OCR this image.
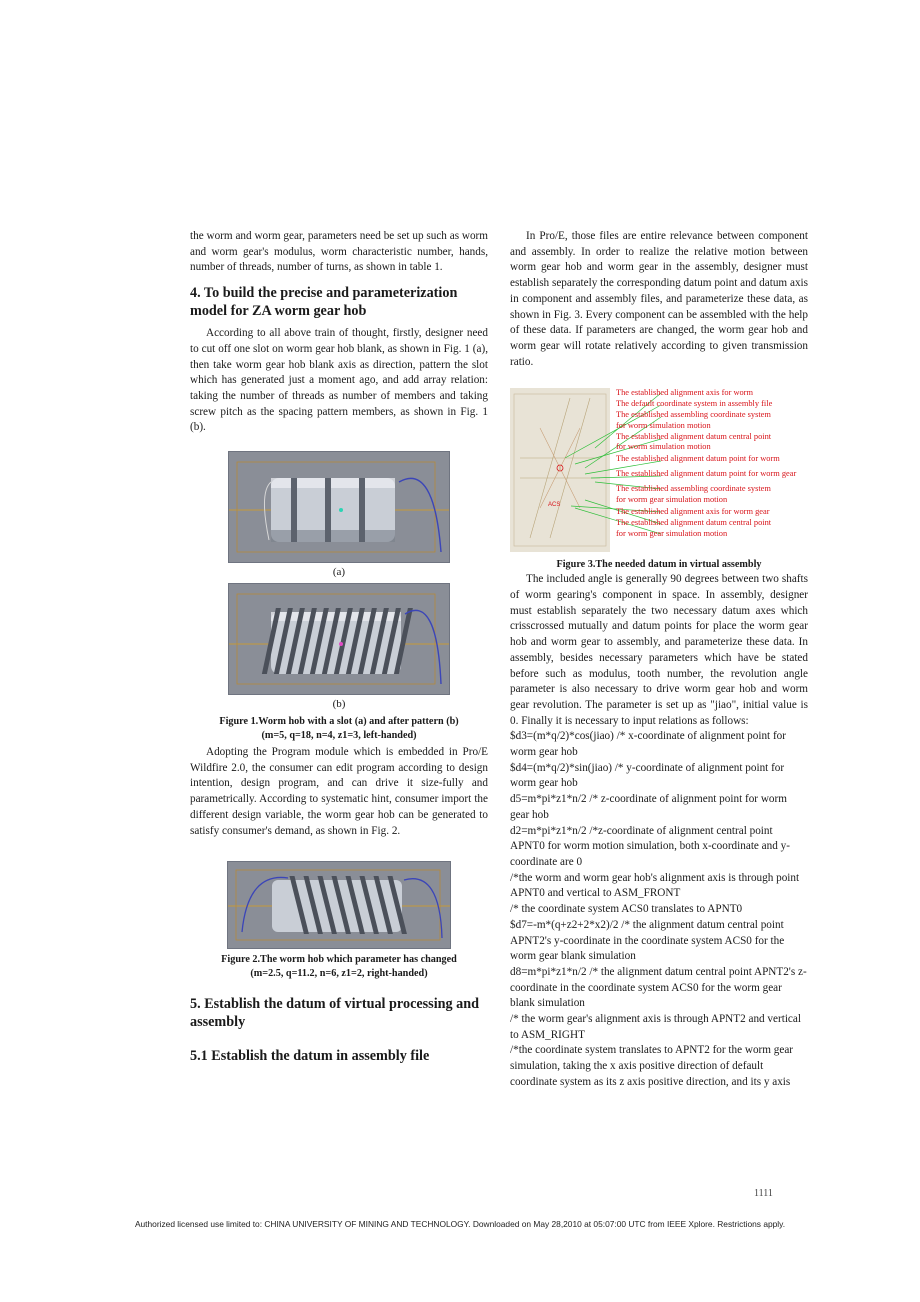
the worm and worm gear, parameters need be set up such as worm and worm gear's modulus, worm characteristic number, hands, number of threads, number of turns, as shown in table 1.

4. To build the precise and parameterization model for ZA worm gear hob

According to all above train of thought, firstly, designer need to cut off one slot on worm gear hob blank, as shown in Fig. 1 (a), then take worm gear hob blank axis as direction, pattern the slot which has generated just a moment ago, and add array relation: taking the number of threads as number of members and taking screw pitch as the spacing pattern members, as shown in Fig. 1 (b).

(a)
(b)
Figure 1.Worm hob with a slot (a) and after pattern (b)
(m=5, q=18, n=4, z1=3, left-handed)

Adopting the Program module which is embedded in Pro/E Wildfire 2.0, the consumer can edit program according to design intention, design program, and can drive it size-fully and parametrically. According to systematic hint, consumer import the different design variable, the worm gear hob can be generated to satisfy consumer's demand, as shown in Fig. 2.

Figure 2.The worm hob which parameter has changed
(m=2.5, q=11.2, n=6, z1=2, right-handed)
5. Establish the datum of virtual processing and assembly
5.1 Establish the datum in assembly file

In Pro/E, those files are entire relevance between component and assembly. In order to realize the relative motion between worm gear hob and worm gear in the assembly, designer must establish separately the corresponding datum point and datum axis in component and assembly files, and parameterize these data, as shown in Fig. 3. Every component can be assembled with the help of these data. If parameters are changed, the worm gear hob and worm gear will rotate relatively according to given transmission ratio.

ACS
The established alignment axis for worm
The default coordinate system in assembly file
The established assembling coordinate system
for worm simulation motion
The established alignment datum central point
for worm simulation motion
The established alignment datum point for worm
The established alignment datum point for worm gear
The established assembling coordinate system
for worm gear simulation motion
The established alignment axis for worm gear
The established alignment datum central point
for worm gear simulation motion
Figure 3.The needed datum in virtual assembly

The included angle is generally 90 degrees between two shafts of worm gearing's component in space. In assembly, designer must establish separately the two necessary datum axes which crisscrossed mutually and datum points for place the worm gear hob and worm gear to assembly, and parameterize these data. In assembly, besides necessary parameters which have be stated before such as modulus, tooth number, the revolution angle parameter is also necessary to drive worm gear hob and worm gear revolution. The parameter is set up as "jiao", initial value is 0. Finally it is necessary to input relations as follows:

$d3=(m*q/2)*cos(jiao) /* x-coordinate of alignment point for worm gear hob

$d4=(m*q/2)*sin(jiao) /* y-coordinate of alignment point for worm gear hob

d5=m*pi*z1*n/2 /* z-coordinate of alignment point for worm gear hob

d2=m*pi*z1*n/2 /*z-coordinate of alignment central point APNT0 for worm motion simulation, both x-coordinate and y-coordinate are 0

/*the worm and worm gear hob's alignment axis is through point APNT0 and vertical to ASM_FRONT

/* the coordinate system ACS0 translates to APNT0

$d7=-m*(q+z2+2*x2)/2 /* the alignment datum central point APNT2's y-coordinate in the coordinate system ACS0 for the worm gear blank simulation

d8=m*pi*z1*n/2 /* the alignment datum central point APNT2's z-coordinate in the coordinate system ACS0 for the worm gear blank simulation

/* the worm gear's alignment axis is through APNT2 and vertical to ASM_RIGHT

/*the coordinate system translates to APNT2 for the worm gear simulation, taking the x axis positive direction of default coordinate system as its z axis positive direction, and its y axis

1111
Authorized licensed use limited to: CHINA UNIVERSITY OF MINING AND TECHNOLOGY. Downloaded on May 28,2010 at 05:07:00 UTC from IEEE Xplore. Restrictions apply.
